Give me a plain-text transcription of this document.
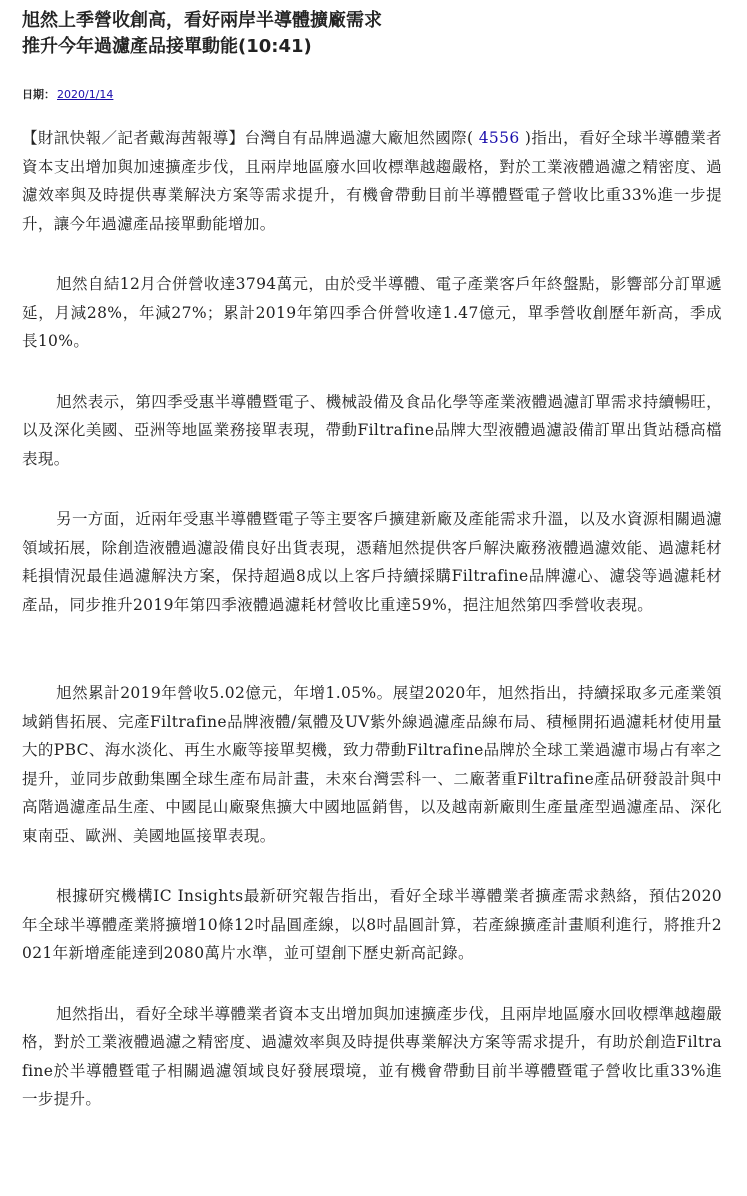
旭然上季營收創高，看好兩岸半導體擴廠需求
推升今年過濾產品接單動能(10:41)
日期： 2020/1/14

【財訊快報／記者戴海茜報導】台灣自有品牌過濾大廠旭然國際( 4556 )指出，看好全球半導體業者資本支出增加與加速擴產步伐，且兩岸地區廢水回收標準越趨嚴格，對於工業液體過濾之精密度、過濾效率與及時提供專業解決方案等需求提升，有機會帶動目前半導體暨電子營收比重33%進一步提升，讓今年過濾產品接單動能增加。

旭然自結12月合併營收達3794萬元，由於受半導體、電子產業客戶年終盤點，影響部分訂單遞延，月減28%，年減27%；累計2019年第四季合併營收達1.47億元，單季營收創歷年新高，季成長10%。

旭然表示，第四季受惠半導體暨電子、機械設備及食品化學等產業液體過濾訂單需求持續暢旺，以及深化美國、亞洲等地區業務接單表現，帶動Filtrafine品牌大型液體過濾設備訂單出貨站穩高檔表現。

另一方面，近兩年受惠半導體暨電子等主要客戶擴建新廠及產能需求升溫，以及水資源相關過濾領域拓展，除創造液體過濾設備良好出貨表現，憑藉旭然提供客戶解決廠務液體過濾效能、過濾耗材耗損情況最佳過濾解決方案，保持超過8成以上客戶持續採購Filtrafine品牌濾心、濾袋等過濾耗材產品，同步推升2019年第四季液體過濾耗材營收比重達59%，挹注旭然第四季營收表現。

旭然累計2019年營收5.02億元，年增1.05%。展望2020年，旭然指出，持續採取多元產業領域銷售拓展、完產Filtrafine品牌液體/氣體及UV紫外線過濾產品線布局、積極開拓過濾耗材使用量大的PBC、海水淡化、再生水廠等接單契機，致力帶動Filtrafine品牌於全球工業過濾市場占有率之提升，並同步啟動集團全球生產布局計畫，未來台灣雲科一、二廠著重Filtrafine產品研發設計與中高階過濾產品生產、中國昆山廠聚焦擴大中國地區銷售，以及越南新廠則生產量產型過濾產品、深化東南亞、歐洲、美國地區接單表現。

根據研究機構IC Insights最新研究報告指出，看好全球半導體業者擴產需求熱絡，預估2020年全球半導體產業將擴增10條12吋晶圓產線，以8吋晶圓計算，若產線擴產計畫順利進行，將推升2021年新增產能達到2080萬片水準，並可望創下歷史新高記錄。

旭然指出，看好全球半導體業者資本支出增加與加速擴產步伐，且兩岸地區廢水回收標準越趨嚴格，對於工業液體過濾之精密度、過濾效率與及時提供專業解決方案等需求提升，有助於創造Filtrafine於半導體暨電子相關過濾領域良好發展環境，並有機會帶動目前半導體暨電子營收比重33%進一步提升。
